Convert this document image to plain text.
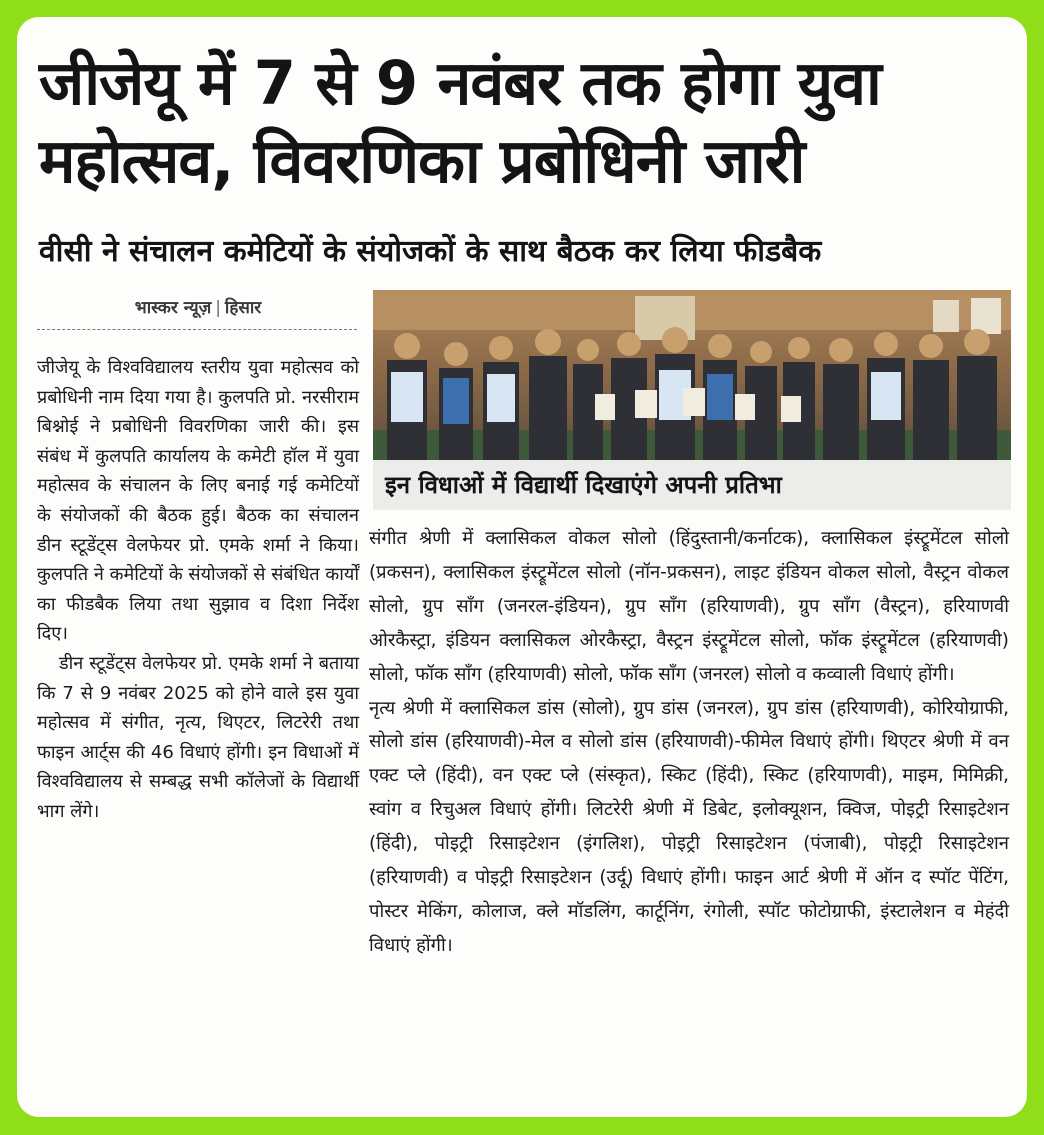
जीजेयू में 7 से 9 नवंबर तक होगा युवा महोत्सव, विवरणिका प्रबोधिनी जारी
वीसी ने संचालन कमेटियों के संयोजकों के साथ बैठक कर लिया फीडबैक
भास्कर न्यूज़ | हिसार

जीजेयू के विश्वविद्यालय स्तरीय युवा महोत्सव को प्रबोधिनी नाम दिया गया है। कुलपति प्रो. नरसीराम बिश्नोई ने प्रबोधिनी विवरणिका जारी की। इस संबंध में कुलपति कार्यालय के कमेटी हॉल में युवा महोत्सव के संचालन के लिए बनाई गई कमेटियों के संयोजकों की बैठक हुई। बैठक का संचालन डीन स्टूडेंट्स वेलफेयर प्रो. एमके शर्मा ने किया। कुलपति ने कमेटियों के संयोजकों से संबंधित कार्यों का फीडबैक लिया तथा सुझाव व दिशा निर्देश दिए।

डीन स्टूडेंट्स वेलफेयर प्रो. एमके शर्मा ने बताया कि 7 से 9 नवंबर 2025 को होने वाले इस युवा महोत्सव में संगीत, नृत्य, थिएटर, लिटरेरी तथा फाइन आर्ट्स की 46 विधाएं होंगी। इन विधाओं में विश्वविद्यालय से सम्बद्ध सभी कॉलेजों के विद्यार्थी भाग लेंगे।

इन विधाओं में विद्यार्थी दिखाएंगे अपनी प्रतिभा

संगीत श्रेणी में क्लासिकल वोकल सोलो (हिंदुस्तानी/कर्नाटक), क्लासिकल इंस्ट्रूमेंटल सोलो (प्रकसन), क्लासिकल इंस्ट्रूमेंटल सोलो (नॉन-प्रकसन), लाइट इंडियन वोकल सोलो, वैस्ट्रन वोकल सोलो, ग्रुप सॉंग (जनरल-इंडियन), ग्रुप सॉंग (हरियाणवी), ग्रुप सॉंग (वैस्ट्रन), हरियाणवी ओरकैस्ट्रा, इंडियन क्लासिकल ओरकैस्ट्रा, वैस्ट्रन इंस्ट्रूमेंटल सोलो, फॉक इंस्ट्रूमेंटल (हरियाणवी) सोलो, फॉक सॉंग (हरियाणवी) सोलो, फॉक सॉंग (जनरल) सोलो व कव्वाली विधाएं होंगी।

नृत्य श्रेणी में क्लासिकल डांस (सोलो), ग्रुप डांस (जनरल), ग्रुप डांस (हरियाणवी), कोरियोग्राफी, सोलो डांस (हरियाणवी)-मेल व सोलो डांस (हरियाणवी)-फीमेल विधाएं होंगी। थिएटर श्रेणी में वन एक्ट प्ले (हिंदी), वन एक्ट प्ले (संस्कृत), स्किट (हिंदी), स्किट (हरियाणवी), माइम, मिमिक्री, स्वांग व रिचुअल विधाएं होंगी। लिटरेरी श्रेणी में डिबेट, इलोक्यूशन, क्विज, पोइट्री रिसाइटेशन (हिंदी), पोइट्री रिसाइटेशन (इंगलिश), पोइट्री रिसाइटेशन (पंजाबी), पोइट्री रिसाइटेशन (हरियाणवी) व पोइट्री रिसाइटेशन (उर्दू) विधाएं होंगी। फाइन आर्ट श्रेणी में ऑन द स्पॉट पेंटिंग, पोस्टर मेकिंग, कोलाज, क्ले मॉडलिंग, कार्टूनिंग, रंगोली, स्पॉट फोटोग्राफी, इंस्टालेशन व मेहंदी विधाएं होंगी।
